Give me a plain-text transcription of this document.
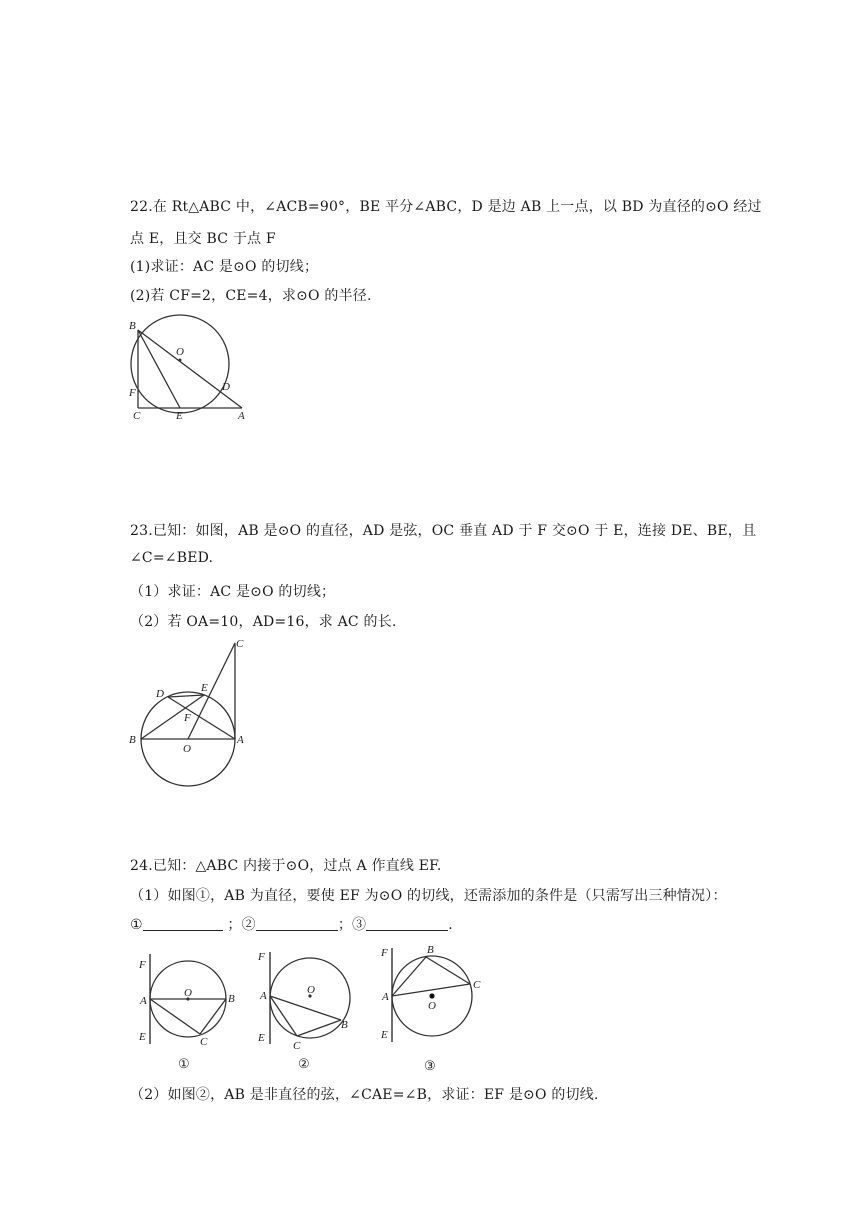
22.在 Rt△ABC 中，∠ACB=90°，BE 平分∠ABC，D 是边 AB 上一点，以 BD 为直径的⊙O 经过
点 E，且交 BC 于点 F
(1)求证：AC 是⊙O 的切线；
(2)若 CF=2，CE=4，求⊙O 的半径.
B
O
D
F
C	E	A
23.已知：如图，AB 是⊙O 的直径，AD 是弦，OC 垂直 AD 于 F 交⊙O 于 E，连接 DE、BE，且
∠C=∠BED.
（1）求证：AC 是⊙O 的切线；
（2）若 OA=10，AD=16，求 AC 的长.
C
D	E
F
B
O
A
24.已知：△ABC 内接于⊙O，过点 A 作直线 EF.
（1）如图①，AB 为直径，要使 EF 为⊙O 的切线，还需添加的条件是（只需写出三种情况）：
①	；②	；③	.
F
A
O	B
E	C
①
F
A	O
B
E
C
②
F	B
C
A
O
E
③
（2）如图②，AB 是非直径的弦，∠CAE=∠B，求证：EF 是⊙O 的切线.
